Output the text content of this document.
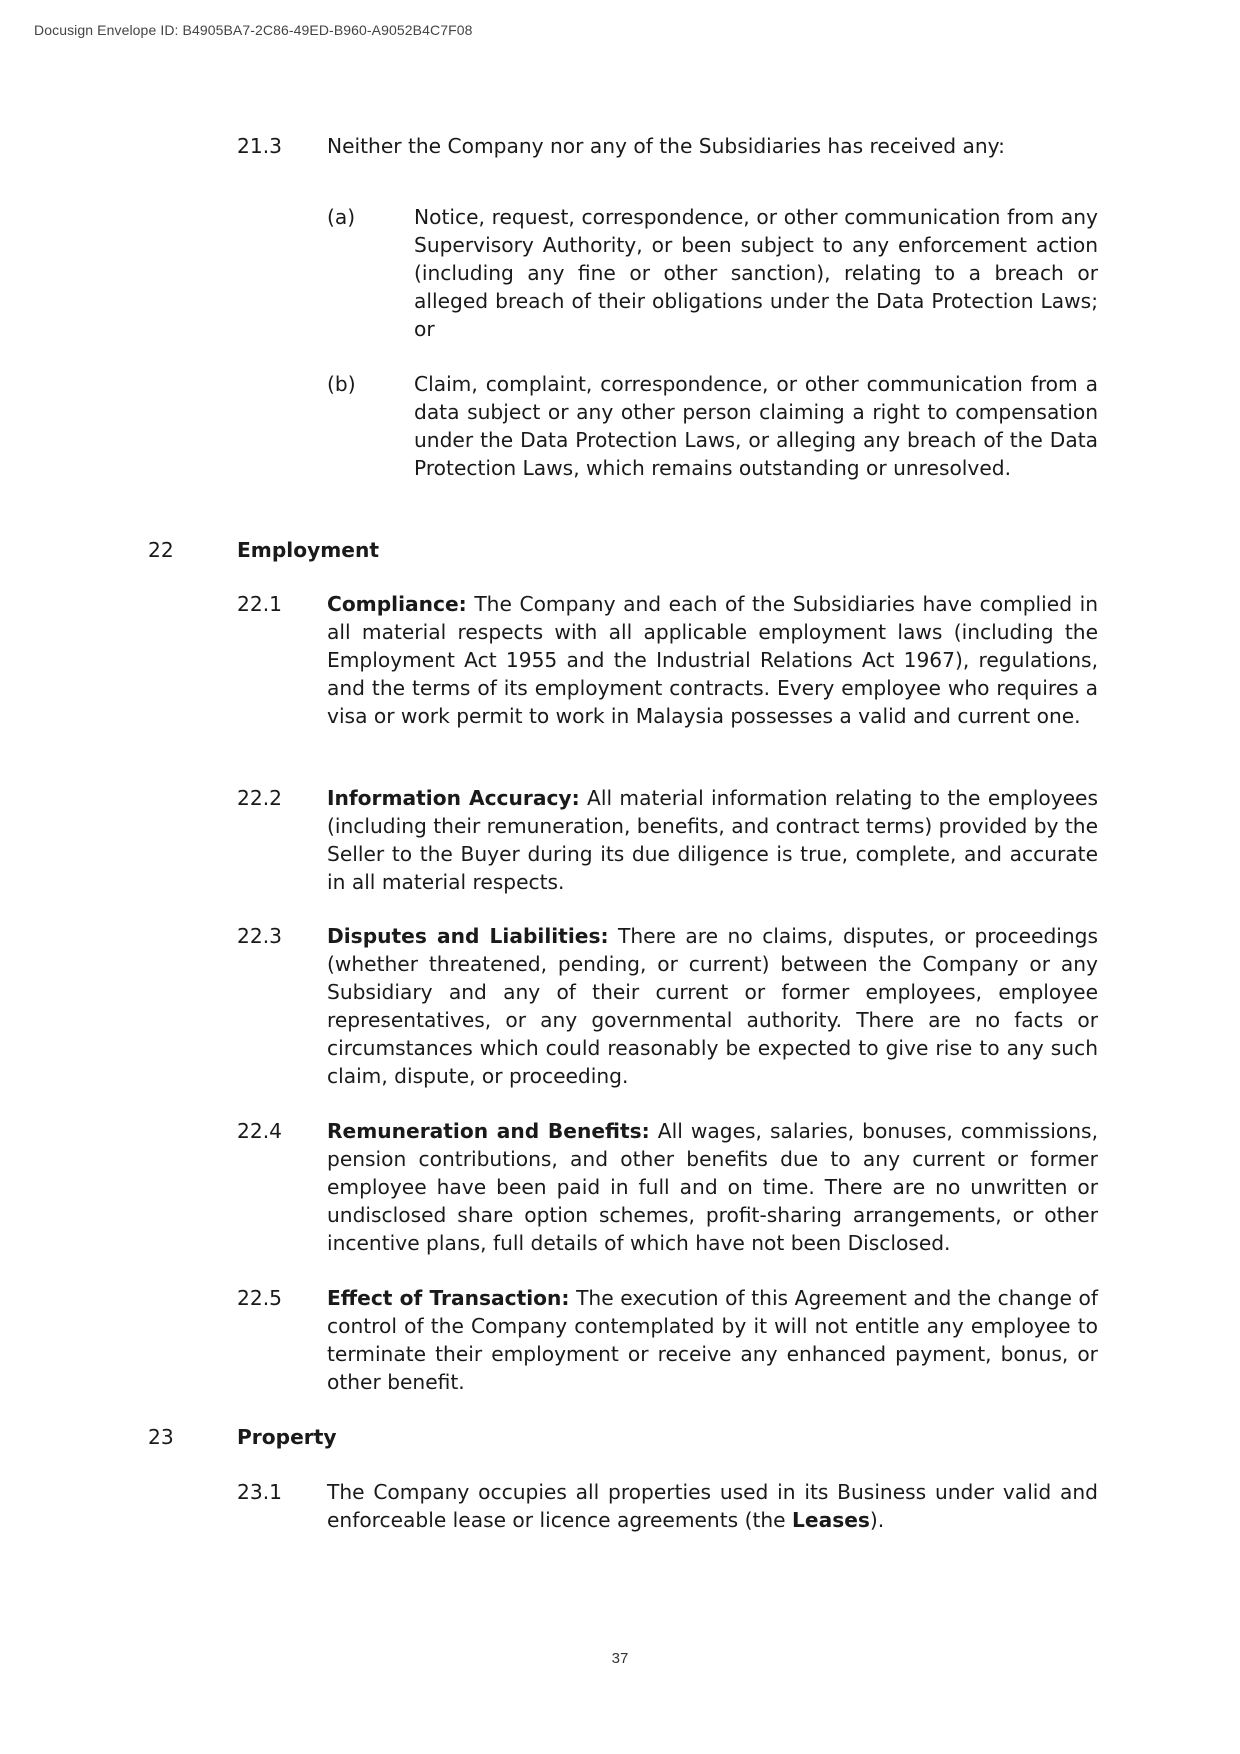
Docusign Envelope ID: B4905BA7-2C86-49ED-B960-A9052B4C7F08
21.3 Neither the Company nor any of the Subsidiaries has received any:
(a)	Notice, request, correspondence, or other communication from any Supervisory Authority, or been subject to any enforcement action (including any fine or other sanction), relating to a breach or alleged breach of their obligations under the Data Protection Laws; or
(b)	Claim, complaint, correspondence, or other communication from a data subject or any other person claiming a right to compensation under the Data Protection Laws, or alleging any breach of the Data Protection Laws, which remains outstanding or unresolved.
22	Employment
22.1 Compliance: The Company and each of the Subsidiaries have complied in all material respects with all applicable employment laws (including the Employment Act 1955 and the Industrial Relations Act 1967), regulations, and the terms of its employment contracts. Every employee who requires a visa or work permit to work in Malaysia possesses a valid and current one.
22.2 Information Accuracy: All material information relating to the employees (including their remuneration, benefits, and contract terms) provided by the Seller to the Buyer during its due diligence is true, complete, and accurate in all material respects.
22.3 Disputes and Liabilities: There are no claims, disputes, or proceedings (whether threatened, pending, or current) between the Company or any Subsidiary and any of their current or former employees, employee representatives, or any governmental authority. There are no facts or circumstances which could reasonably be expected to give rise to any such claim, dispute, or proceeding.
22.4 Remuneration and Benefits: All wages, salaries, bonuses, commissions, pension contributions, and other benefits due to any current or former employee have been paid in full and on time. There are no unwritten or undisclosed share option schemes, profit-sharing arrangements, or other incentive plans, full details of which have not been Disclosed.
22.5 Effect of Transaction: The execution of this Agreement and the change of control of the Company contemplated by it will not entitle any employee to terminate their employment or receive any enhanced payment, bonus, or other benefit.
23	Property
23.1 The Company occupies all properties used in its Business under valid and enforceable lease or licence agreements (the Leases).
37
